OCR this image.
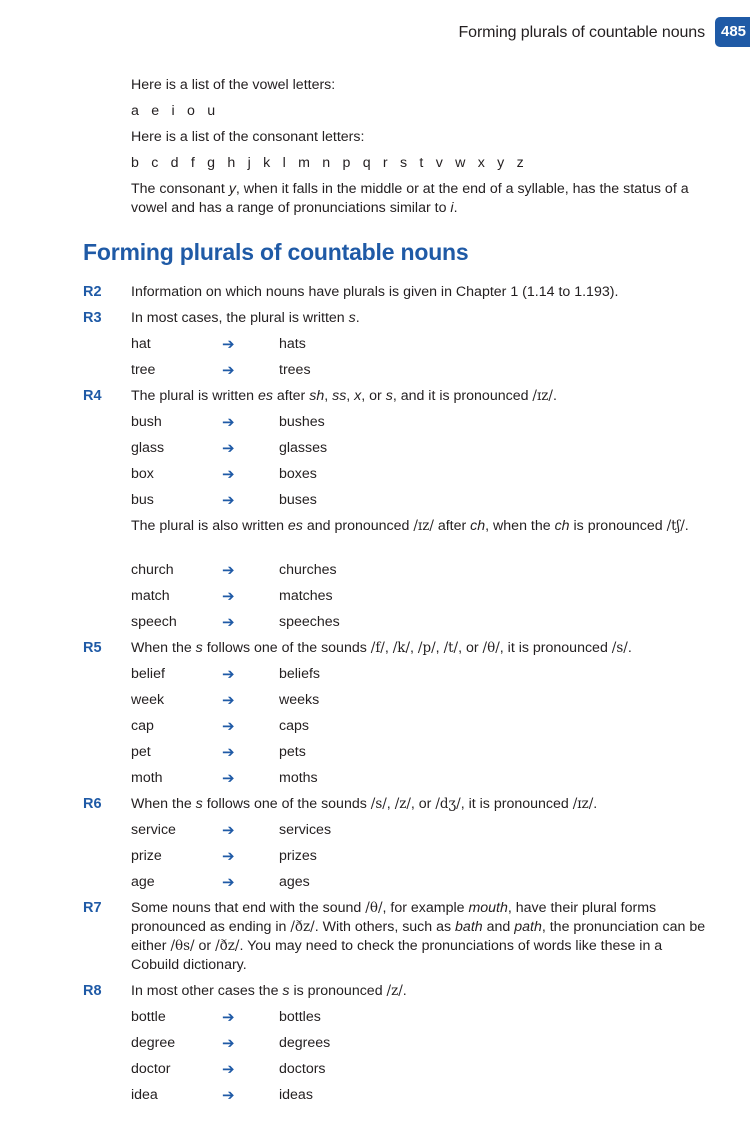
Forming plurals of countable nouns	485
Here is a list of the vowel letters:
a e i o u
Here is a list of the consonant letters:
b c d f g h j k l m n p q r s t v w x y z
The consonant y, when it falls in the middle or at the end of a syllable, has the status of a vowel and has a range of pronunciations similar to i.
Forming plurals of countable nouns
R2 Information on which nouns have plurals is given in Chapter 1 (1.14 to 1.193).
R3 In most cases, the plural is written s.
R4 The plural is written es after sh, ss, x, or s, and it is pronounced /ɪz/.
The plural is also written es and pronounced /ɪz/ after ch, when the ch is pronounced /tʃ/.
R5 When the s follows one of the sounds /f/, /k/, /p/, /t/, or /θ/, it is pronounced /s/.
R6 When the s follows one of the sounds /s/, /z/, or /dʒ/, it is pronounced /ɪz/.
R7 Some nouns that end with the sound /θ/, for example mouth, have their plural forms pronounced as ending in /ðz/. With others, such as bath and path, the pronunciation can be either /θs/ or /ðz/. You may need to check the pronunciations of words like these in a Cobuild dictionary.
R8 In most other cases the s is pronounced /z/.
hat	➔	hats
tree	➔	trees
bush	➔	bushes
glass	➔	glasses
box	➔	boxes
bus	➔	buses
church	➔	churches
match	➔	matches
speech	➔	speeches
belief	➔	beliefs
week	➔	weeks
cap	➔	caps
pet	➔	pets
moth	➔	moths
service	➔	services
prize	➔	prizes
age	➔	ages
bottle	➔	bottles
degree	➔	degrees
doctor	➔	doctors
idea	➔	ideas
